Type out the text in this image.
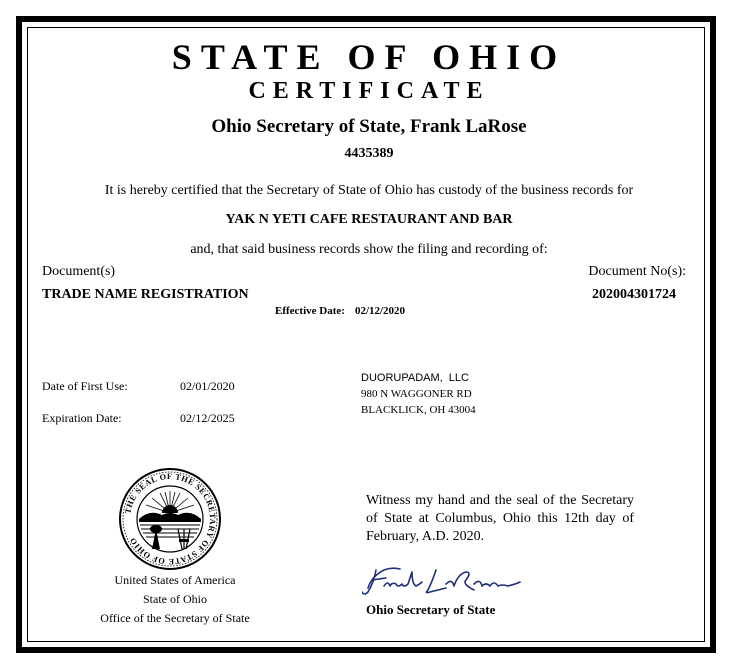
STATE OF OHIO
CERTIFICATE
Ohio Secretary of State, Frank LaRose
4435389
It is hereby certified that the Secretary of State of Ohio has custody of the business records for
YAK N YETI CAFE RESTAURANT AND BAR
and, that said business records show the filing and recording of:
Document(s)	Document No(s):
TRADE NAME REGISTRATION	202004301724
Effective Date: 02/12/2020
Date of First Use:	02/01/2020
Expiration Date:	02/12/2025
DUORUPADAM,  LLC
980 N WAGGONER RD
BLACKLICK, OH 43004
THE SEAL OF THE SECRETARY OF STATE OF OHIO
United States of America
State of Ohio
Office of the Secretary of State
Witness my hand and the seal of the Secretary of State at Columbus, Ohio this 12th day of February, A.D. 2020.
Ohio Secretary of State
